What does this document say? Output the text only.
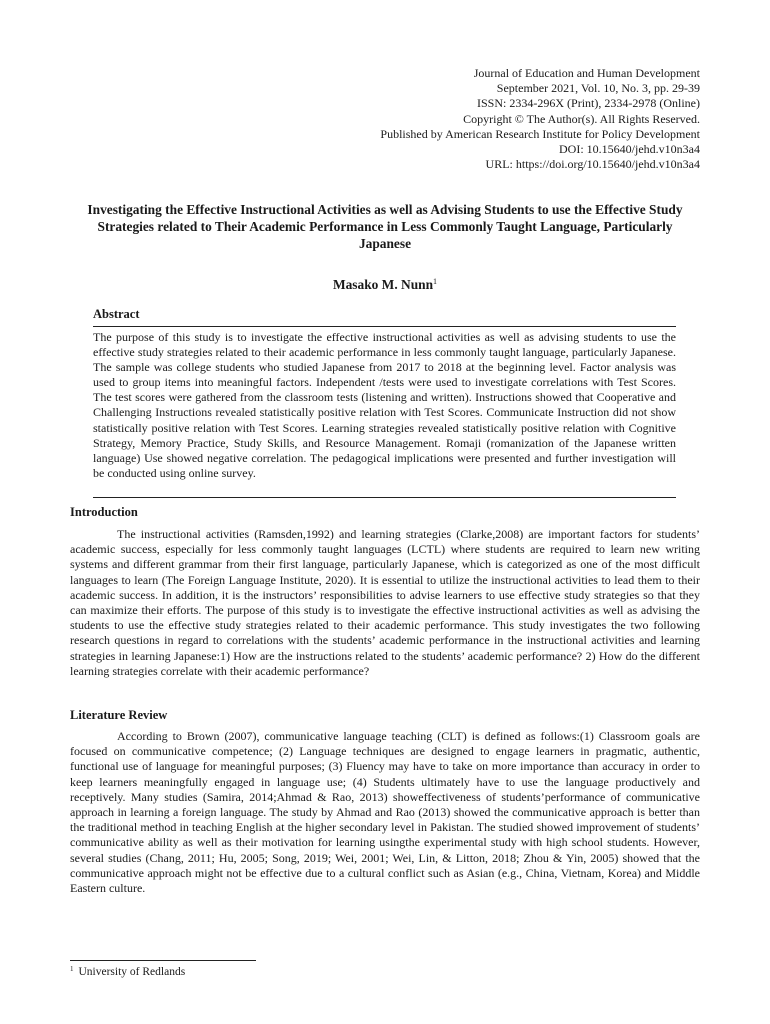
Journal of Education and Human Development
September 2021, Vol. 10, No. 3, pp. 29-39
ISSN: 2334-296X (Print), 2334-2978 (Online)
Copyright © The Author(s). All Rights Reserved.
Published by American Research Institute for Policy Development
DOI: 10.15640/jehd.v10n3a4
URL: https://doi.org/10.15640/jehd.v10n3a4
Investigating the Effective Instructional Activities as well as Advising Students to use the Effective Study Strategies related to Their Academic Performance in Less Commonly Taught Language, Particularly Japanese
Masako M. Nunn$^1$
Abstract
The purpose of this study is to investigate the effective instructional activities as well as advising students to use the effective study strategies related to their academic performance in less commonly taught language, particularly Japanese. The sample was college students who studied Japanese from 2017 to 2018 at the beginning level. Factor analysis was used to group items into meaningful factors. Independent /tests were used to investigate correlations with Test Scores. The test scores were gathered from the classroom tests (listening and written). Instructions showed that Cooperative and Challenging Instructions revealed statistically positive relation with Test Scores. Communicate Instruction did not show statistically positive relation with Test Scores. Learning strategies revealed statistically positive relation with Cognitive Strategy, Memory Practice, Study Skills, and Resource Management. Romaji (romanization of the Japanese written language) Use showed negative correlation. The pedagogical implications were presented and further investigation will be conducted using online survey.
Introduction
The instructional activities (Ramsden,1992) and learning strategies (Clarke,2008) are important factors for students’ academic success, especially for less commonly taught languages (LCTL) where students are required to learn new writing systems and different grammar from their first language, particularly Japanese, which is categorized as one of the most difficult languages to learn (The Foreign Language Institute, 2020). It is essential to utilize the instructional activities to lead them to their academic success. In addition, it is the instructors’ responsibilities to advise learners to use effective study strategies so that they can maximize their efforts. The purpose of this study is to investigate the effective instructional activities as well as advising the students to use the effective study strategies related to their academic performance. This study investigates the two following research questions in regard to correlations with the students’ academic performance in the instructional activities and learning strategies in learning Japanese:1) How are the instructions related to the students’ academic performance? 2) How do the different learning strategies correlate with their academic performance?
Literature Review
According to Brown (2007), communicative language teaching (CLT) is defined as follows:(1) Classroom goals are focused on communicative competence; (2) Language techniques are designed to engage learners in pragmatic, authentic, functional use of language for meaningful purposes; (3) Fluency may have to take on more importance than accuracy in order to keep learners meaningfully engaged in language use; (4) Students ultimately have to use the language productively and receptively. Many studies (Samira, 2014;Ahmad & Rao, 2013) showeffectiveness of students’performance of communicative approach in learning a foreign language. The study by Ahmad and Rao (2013) showed the communicative approach is better than the traditional method in teaching English at the higher secondary level in Pakistan. The studied showed improvement of students’ communicative ability as well as their motivation for learning usingthe experimental study with high school students. However, several studies (Chang, 2011; Hu, 2005; Song, 2019; Wei, 2001; Wei, Lin, & Litton, 2018; Zhou & Yin, 2005) showed that the communicative approach might not be effective due to a cultural conflict such as Asian (e.g., China, Vietnam, Korea) and Middle Eastern culture.
$^1$ University of Redlands
